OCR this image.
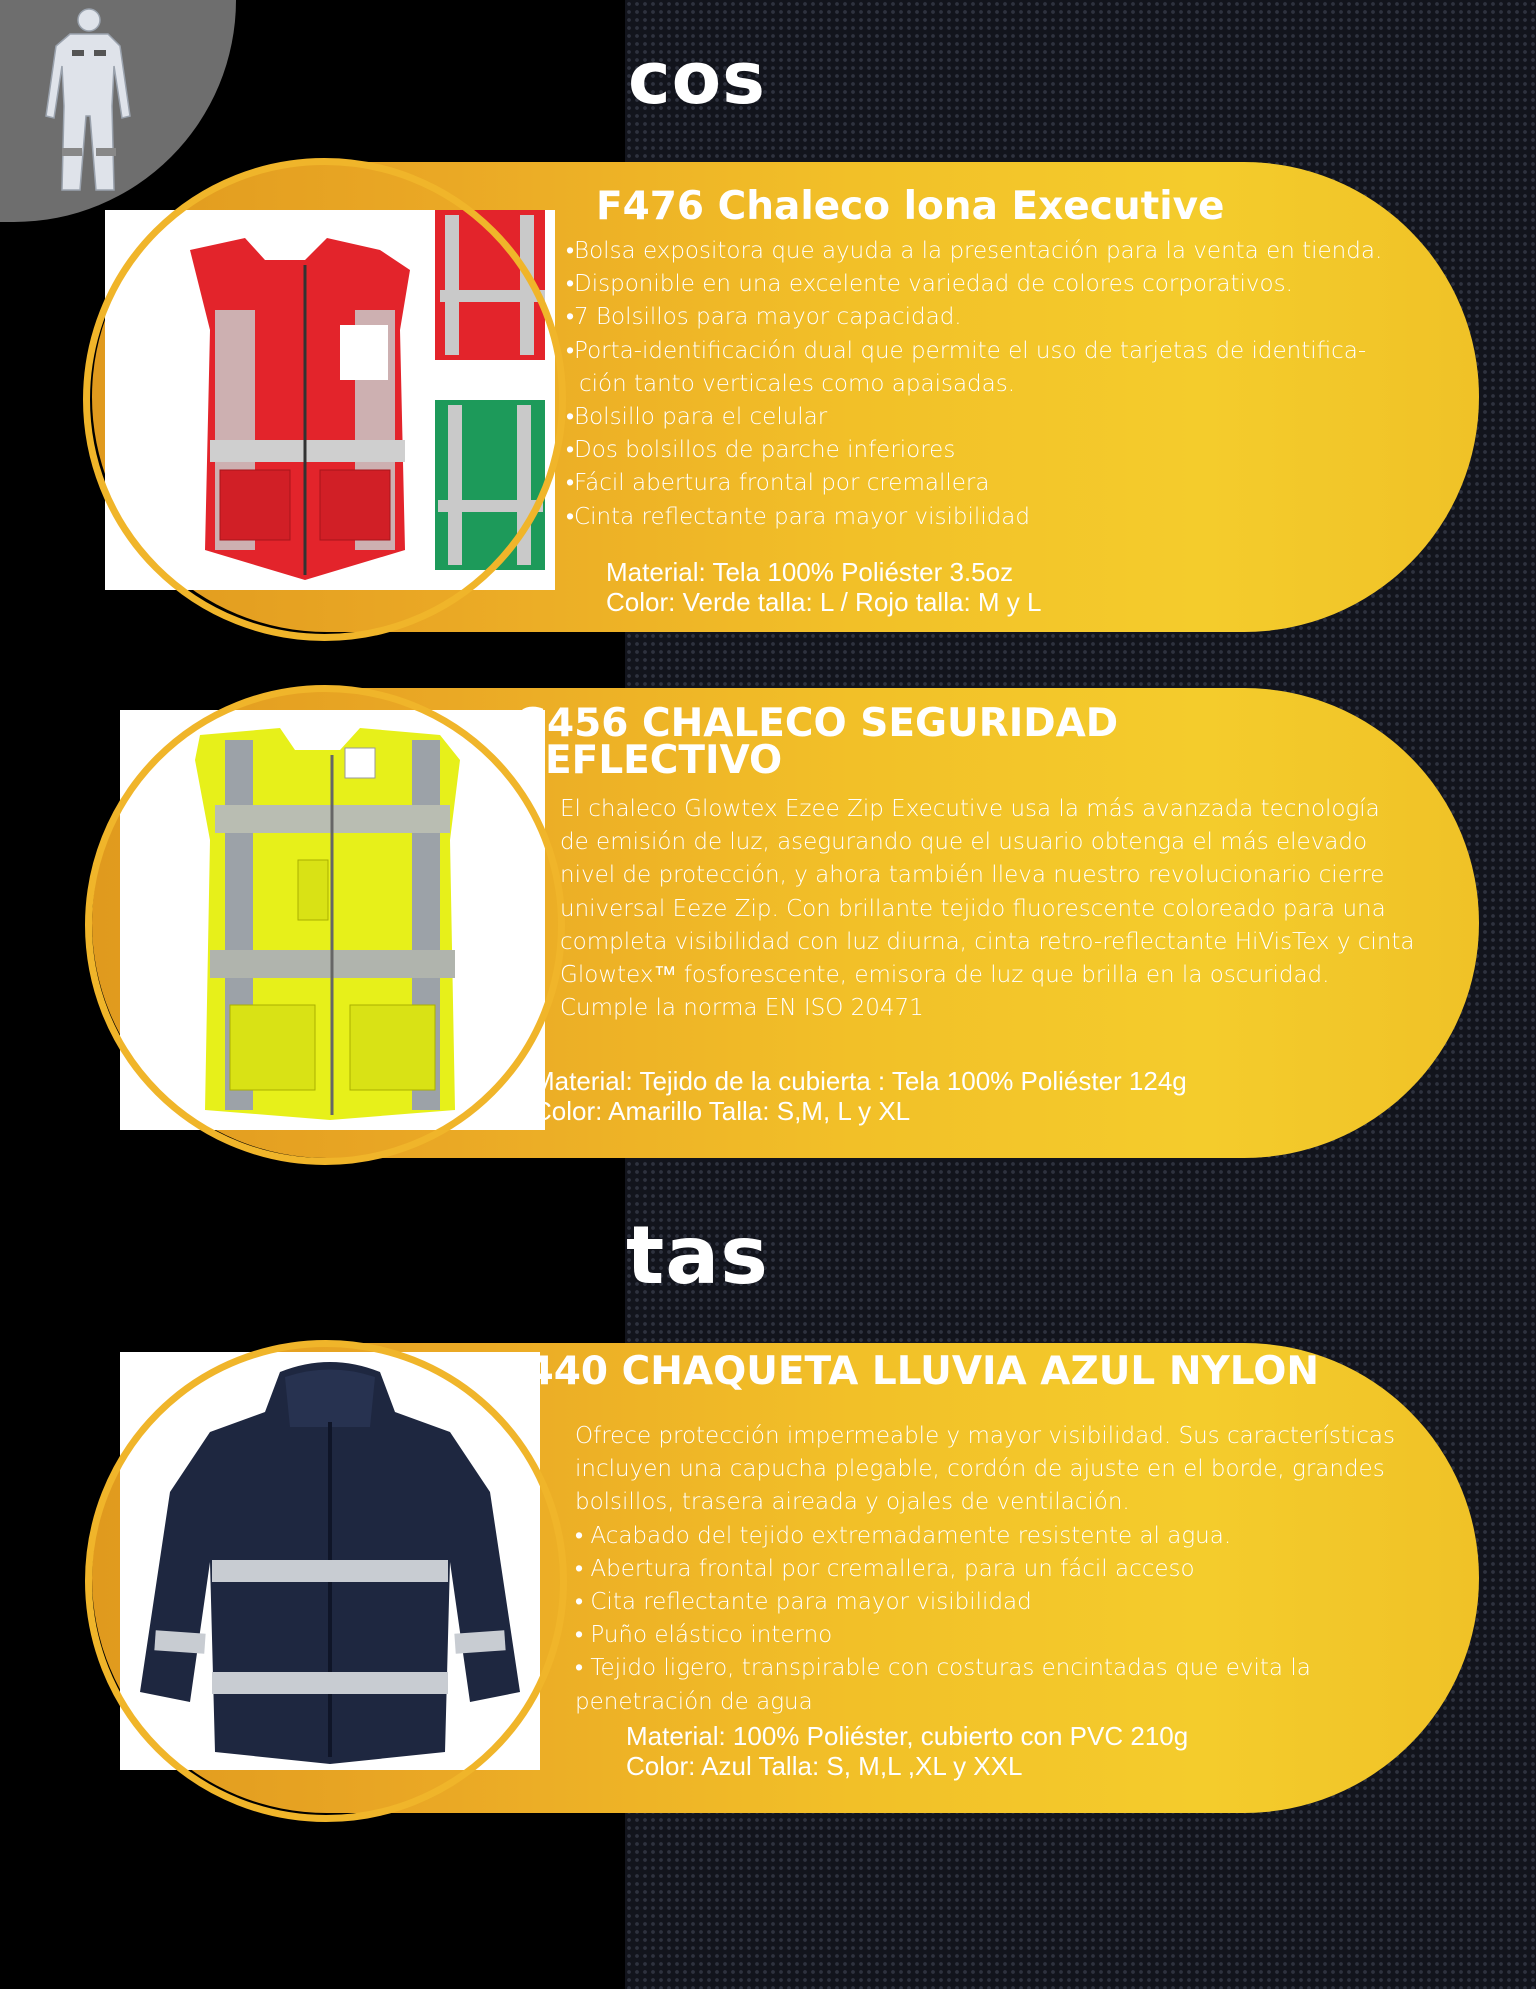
cos
F476 Chaleco lona Executive
•Bolsa expositora que ayuda a la presentación para la venta en tienda.
•Disponible en una excelente variedad de colores corporativos.
•7 Bolsillos para mayor capacidad.
•Porta-identificación dual que permite el uso de tarjetas de identifica-
ción tanto verticales como apaisadas.
•Bolsillo para el celular
•Dos bolsillos de parche inferiores
•Fácil abertura frontal por cremallera
•Cinta reflectante para mayor visibilidad
Material: Tela 100% Poliéster 3.5oz
Color: Verde talla: L / Rojo talla: M y L
G456 CHALECO SEGURIDAD
REFLECTIVO
El chaleco Glowtex Ezee Zip Executive usa la más avanzada tecnología
de emisión de luz, asegurando que el usuario obtenga el más elevado
nivel de protección, y ahora también lleva nuestro revolucionario cierre
universal Eeze Zip. Con brillante tejido fluorescente coloreado para una
completa visibilidad con luz diurna, cinta retro-reflectante HiVisTex y cinta
Glowtex™ fosforescente, emisora de luz que brilla en la oscuridad.
Cumple la norma EN ISO 20471
Material: Tejido de la cubierta : Tela 100% Poliéster 124g
Color: Amarillo Talla: S,M, L y XL
tas
F440 CHAQUETA LLUVIA AZUL NYLON
Ofrece protección impermeable y mayor visibilidad. Sus características
incluyen una capucha plegable, cordón de ajuste en el borde, grandes
bolsillos, trasera aireada y ojales de ventilación.
• Acabado del tejido extremadamente resistente al agua.
• Abertura frontal por cremallera, para un fácil acceso
• Cita reflectante para mayor visibilidad
• Puño elástico interno
• Tejido ligero, transpirable con costuras encintadas que evita la
penetración de agua
Material: 100% Poliéster, cubierto con PVC 210g
Color: Azul Talla: S, M,L ,XL y XXL
